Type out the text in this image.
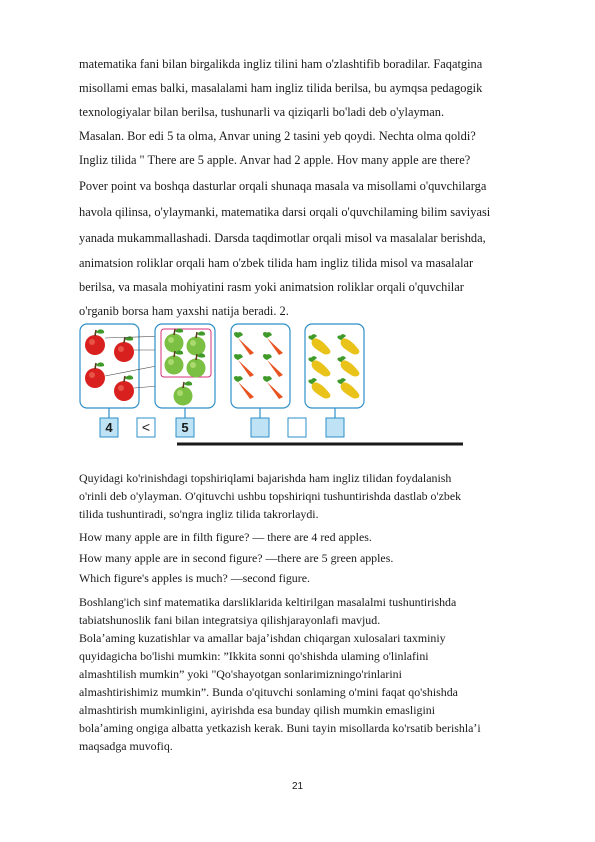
matematika fani bilan birgalikda ingliz tilini ham o'zlashtifib boradilar. Faqatgina
misollami emas balki, masalalami ham ingliz tilida berilsa, bu aymqsa pedagogik
texnologiyalar bilan berilsa, tushunarli va qiziqarli bo'ladi deb o'ylayman.
Masalan. Bor edi 5 ta olma, Anvar uning 2 tasini yeb qoydi. Nechta olma qoldi?
Ingliz tilida " There are 5 apple. Anvar had 2 apple. Hov many apple are there?
Pover point va boshqa dasturlar orqali shunaqa masala va misollami o'quvchilarga
havola qilinsa, o'ylaymanki, matematika darsi orqali o'quvchilaming bilim saviyasi
yanada mukammallashadi. Darsda taqdimotlar orqali misol va masalalar berishda,
animatsion roliklar orqali ham o'zbek tilida ham ingliz tilida misol va masalalar
berilsa, va masala mohiyatini rasm yoki animatsion roliklar orqali o'quvchilar
o'rganib borsa ham yaxshi natija beradi. 2.
4 < 5
Quyidagi ko'rinishdagi topshiriqlami bajarishda ham ingliz tilidan foydalanish
o'rinli deb o'ylayman. O'qituvchi ushbu topshiriqni tushuntirishda dastlab o'zbek
tilida tushuntiradi, so'ngra ingliz tilida takrorlaydi.
How many apple are in filth figure? — there are 4 red apples.
How many apple are in second figure? —there are 5 green apples.
Which figure's apples is much? —second figure.
Boshlang'ich sinf matematika darsliklarida keltirilgan masalalmi tushuntirishda
tabiatshunoslik fani bilan integratsiya qilishjarayonlafi mavjud.
Bolaʼaming kuzatishlar va amallar bajaʼishdan chiqargan xulosalari taxminiy
quyidagicha bo'lishi mumkin: ”Ikkita sonni qo'shishda ulaming o'linlafini
almashtilish mumkin” yoki "Qo'shayotgan sonlarimizningo'rinlarini
almashtirishimiz mumkin”. Bunda o'qituvchi sonlaming o'mini faqat qo'shishda
almashtirish mumkinligini, ayirishda esa bunday qilish mumkin emasligini
bolaʼaming ongiga albatta yetkazish kerak. Buni tayin misollarda ko'rsatib berishlaʼi
maqsadga muvofiq.
21
